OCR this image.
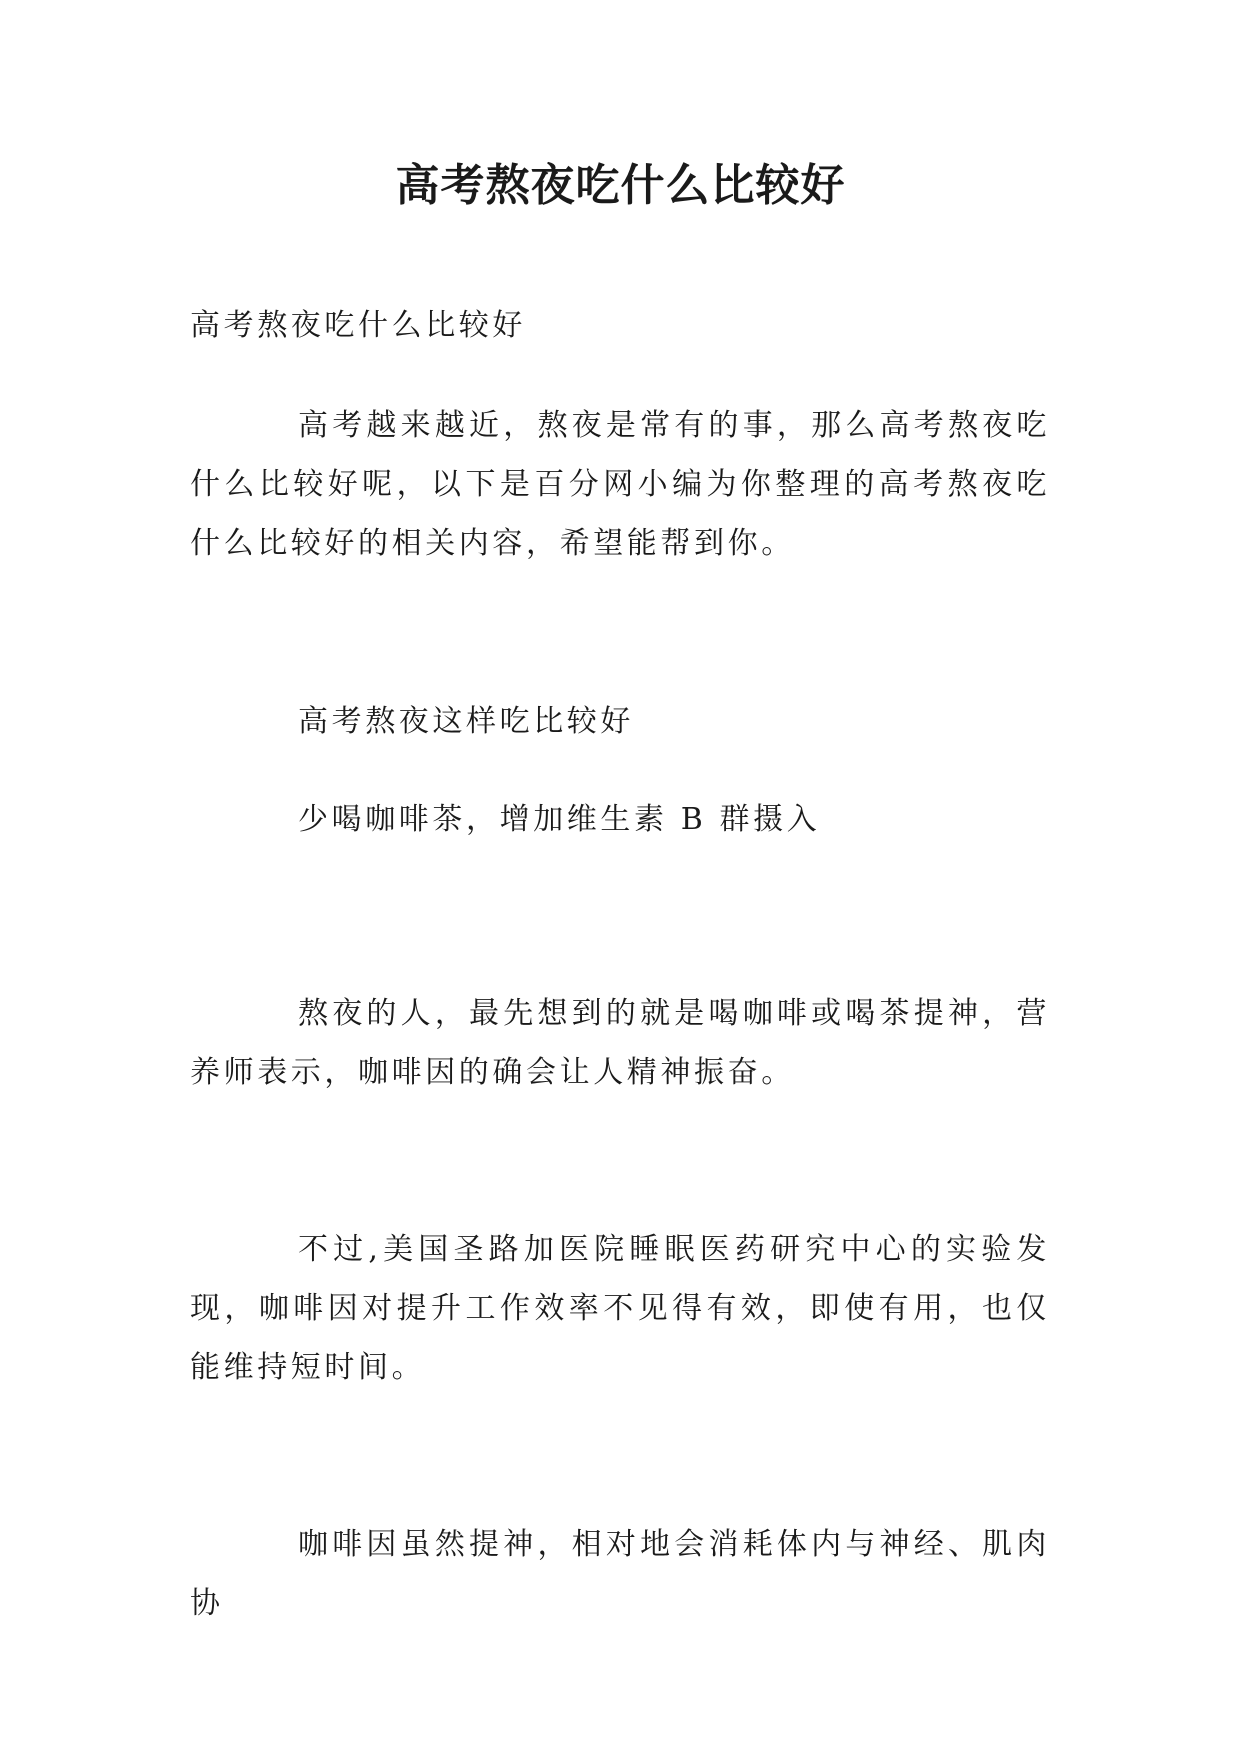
高考熬夜吃什么比较好

高考熬夜吃什么比较好

高考越来越近，熬夜是常有的事，那么高考熬夜吃什么比较好呢，以下是百分网小编为你整理的高考熬夜吃什么比较好的相关内容，希望能帮到你。

高考熬夜这样吃比较好

少喝咖啡茶，增加维生素 B 群摄入

熬夜的人，最先想到的就是喝咖啡或喝茶提神，营养师表示，咖啡因的确会让人精神振奋。

不过,美国圣路加医院睡眠医药研究中心的实验发现，咖啡因对提升工作效率不见得有效，即使有用，也仅能维持短时间。

咖啡因虽然提神，相对地会消耗体内与神经、肌肉协
